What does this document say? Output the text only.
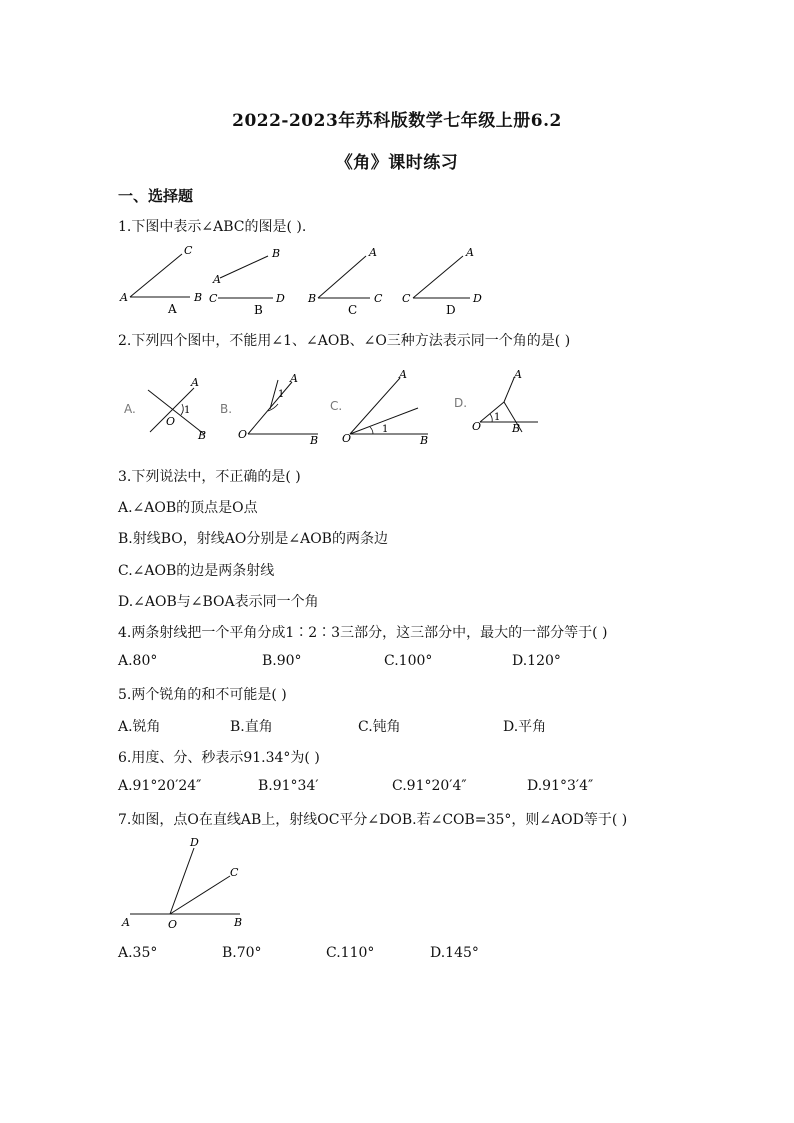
2022-2023年苏科版数学七年级上册6.2
《角》课时练习
一、选择题
1.下图中表示∠ABC的图是( ).
C
A	B
A
B
A
C	D
B
A
B	C
C
A
C	D
D
2.下列四个图中，不能用∠1、∠AOB、∠O三种方法表示同一个角的是( )
A.
A
O
B
1 B.
A
O	B
1
C.
A
O	B
1
D.
A
O	B
1
3.下列说法中，不正确的是( )
A.∠AOB的顶点是O点
B.射线BO，射线AO分别是∠AOB的两条边
C.∠AOB的边是两条射线
D.∠AOB与∠BOA表示同一个角
4.两条射线把一个平角分成1∶2∶3三部分，这三部分中，最大的一部分等于( )
A.80°	B.90°	C.100°	D.120°
5.两个锐角的和不可能是( )
A.锐角	B.直角	C.钝角	D.平角
6.用度、分、秒表示91.34°为( )
A.91°20′24″	B.91°34′	C.91°20′4″	D.91°3′4″
7.如图，点O在直线AB上，射线OC平分∠DOB.若∠COB=35°，则∠AOD等于( )
D
C
A	O	B
A.35°	B.70°	C.110°	D.145°
